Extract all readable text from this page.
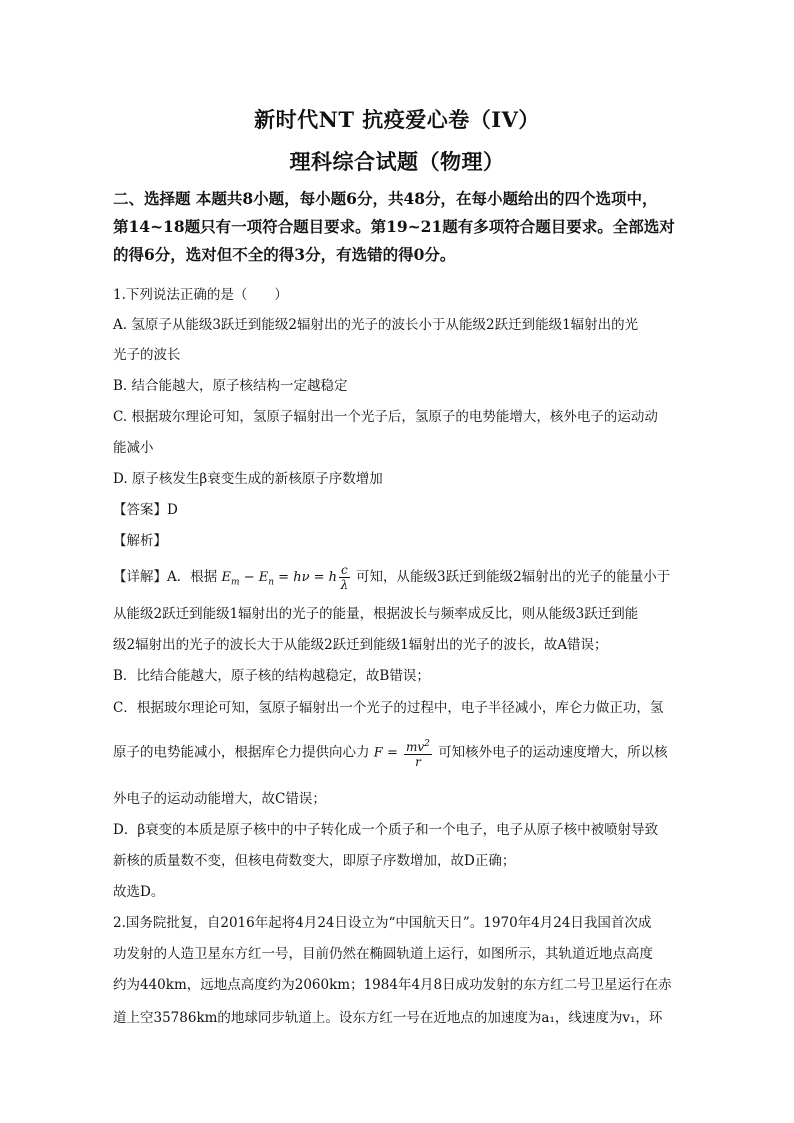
新时代NT 抗疫爱心卷（IV）
理科综合试题（物理）
二、选择题 本题共8小题，每小题6分，共48分，在每小题给出的四个选项中，
第14~18题只有一项符合题目要求。第19~21题有多项符合题目要求。全部选对
的得6分，选对但不全的得3分，有选错的得0分。
1.下列说法正确的是（　　）
A. 氢原子从能级3跃迁到能级2辐射出的光子的波长小于从能级2跃迁到能级1辐射出的光
光子的波长
B. 结合能越大，原子核结构一定越稳定
C. 根据玻尔理论可知，氢原子辐射出一个光子后，氢原子的电势能增大，核外电子的运动动
能减小
D. 原子核发生β衰变生成的新核原子序数增加
【答案】D
【解析】
【详解】A．根据 $E_m - E_n = h\nu = h \frac{c}{\lambda}$ 可知，从能级3跃迁到能级2辐射出的光子的能量小于
从能级2跃迁到能级1辐射出的光子的能量，根据波长与频率成反比，则从能级3跃迁到能
级2辐射出的光子的波长大于从能级2跃迁到能级1辐射出的光子的波长，故A错误；
B．比结合能越大，原子核的结构越稳定，故B错误；
C．根据玻尔理论可知，氢原子辐射出一个光子的过程中，电子半径减小，库仑力做正功，氢
原子的电势能减小，根据库仑力提供向心力 $F = \frac{mv^2}{r}$ 可知核外电子的运动速度增大，所以核
外电子的运动动能增大，故C错误；
D．β衰变的本质是原子核中的中子转化成一个质子和一个电子，电子从原子核中被喷射导致
新核的质量数不变，但核电荷数变大，即原子序数增加，故D正确；
故选D。
2.国务院批复，自2016年起将4月24日设立为“中国航天日”。1970年4月24日我国首次成
功发射的人造卫星东方红一号，目前仍然在椭圆轨道上运行，如图所示，其轨道近地点高度
约为440km，远地点高度约为2060km；1984年4月8日成功发射的东方红二号卫星运行在赤
道上空35786km的地球同步轨道上。设东方红一号在近地点的加速度为a₁，线速度为v₁，环
